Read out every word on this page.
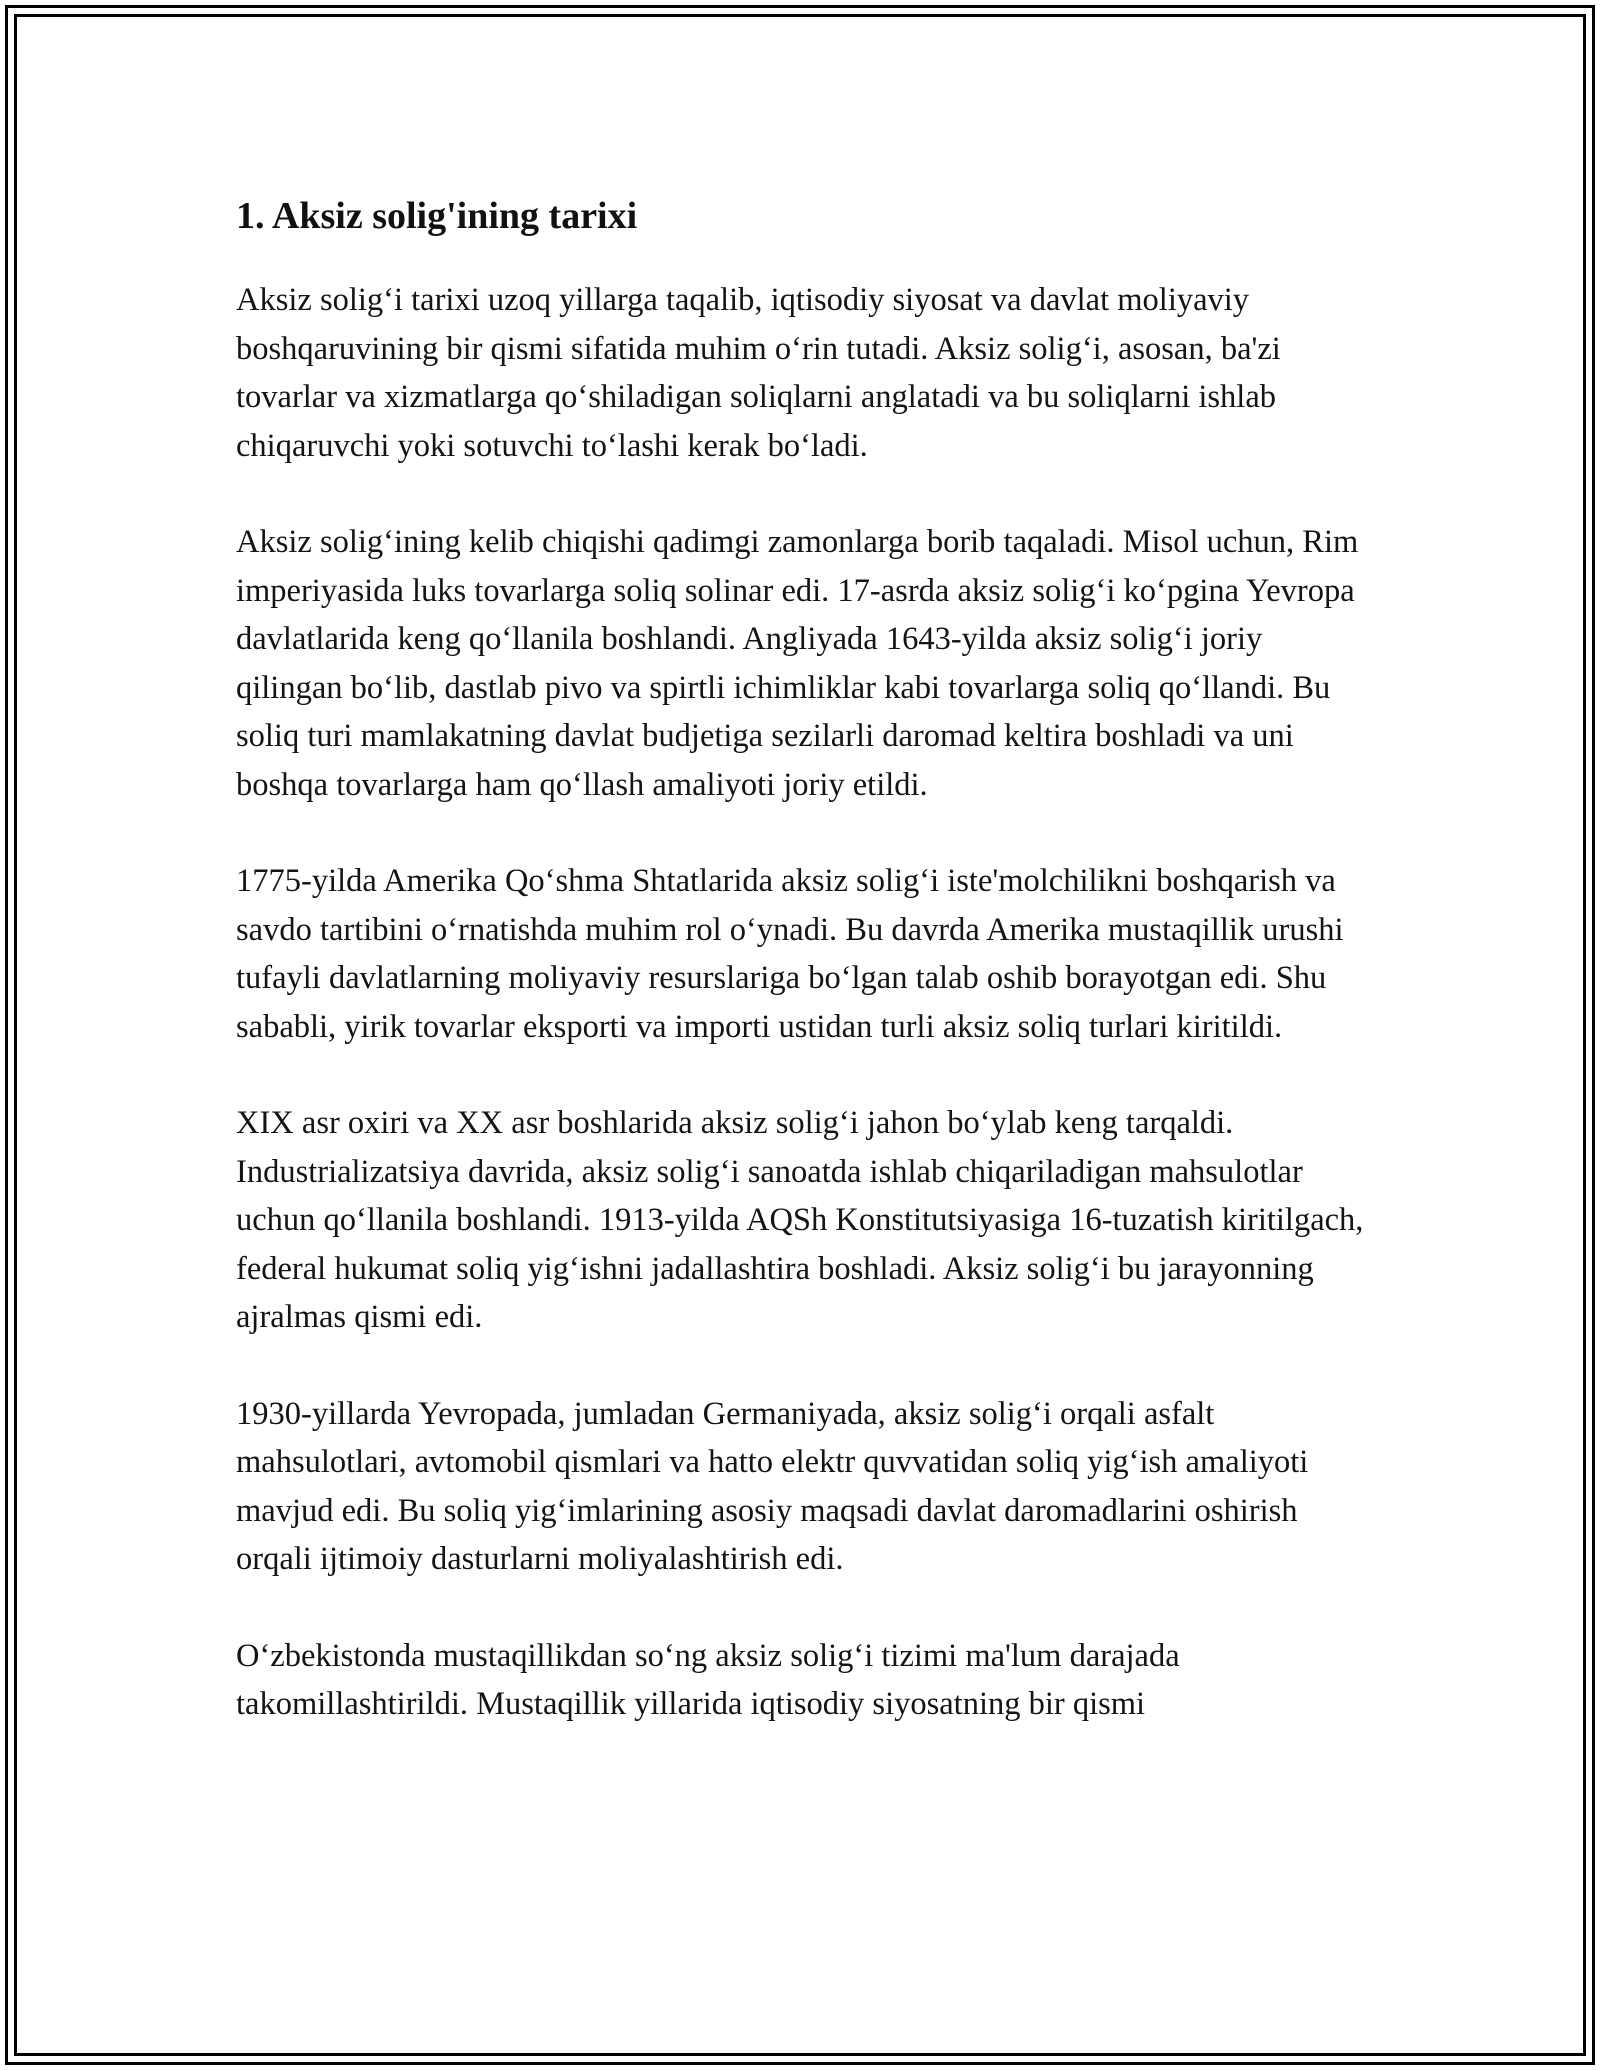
1. Aksiz solig'ining tarixi

Aksiz solig‘i tarixi uzoq yillarga taqalib, iqtisodiy siyosat va davlat moliyaviy boshqaruvining bir qismi sifatida muhim o‘rin tutadi. Aksiz solig‘i, asosan, ba'zi tovarlar va xizmatlarga qo‘shiladigan soliqlarni anglatadi va bu soliqlarni ishlab chiqaruvchi yoki sotuvchi to‘lashi kerak bo‘ladi.

Aksiz solig‘ining kelib chiqishi qadimgi zamonlarga borib taqaladi. Misol uchun, Rim imperiyasida luks tovarlarga soliq solinar edi. 17-asrda aksiz solig‘i ko‘pgina Yevropa davlatlarida keng qo‘llanila boshlandi. Angliyada 1643-yilda aksiz solig‘i joriy qilingan bo‘lib, dastlab pivo va spirtli ichimliklar kabi tovarlarga soliq qo‘llandi. Bu soliq turi mamlakatning davlat budjetiga sezilarli daromad keltira boshladi va uni boshqa tovarlarga ham qo‘llash amaliyoti joriy etildi.

1775-yilda Amerika Qo‘shma Shtatlarida aksiz solig‘i iste'molchilikni boshqarish va savdo tartibini o‘rnatishda muhim rol o‘ynadi. Bu davrda Amerika mustaqillik urushi tufayli davlatlarning moliyaviy resurslariga bo‘lgan talab oshib borayotgan edi. Shu sababli, yirik tovarlar eksporti va importi ustidan turli aksiz soliq turlari kiritildi.

XIX asr oxiri va XX asr boshlarida aksiz solig‘i jahon bo‘ylab keng tarqaldi. Industrializatsiya davrida, aksiz solig‘i sanoatda ishlab chiqariladigan mahsulotlar uchun qo‘llanila boshlandi. 1913-yilda AQSh Konstitutsiyasiga 16-tuzatish kiritilgach, federal hukumat soliq yig‘ishni jadallashtira boshladi. Aksiz solig‘i bu jarayonning ajralmas qismi edi.

1930-yillarda Yevropada, jumladan Germaniyada, aksiz solig‘i orqali asfalt mahsulotlari, avtomobil qismlari va hatto elektr quvvatidan soliq yig‘ish amaliyoti mavjud edi. Bu soliq yig‘imlarining asosiy maqsadi davlat daromadlarini oshirish orqali ijtimoiy dasturlarni moliyalashtirish edi.

O‘zbekistonda mustaqillikdan so‘ng aksiz solig‘i tizimi ma'lum darajada takomillashtirildi. Mustaqillik yillarida iqtisodiy siyosatning bir qismi
